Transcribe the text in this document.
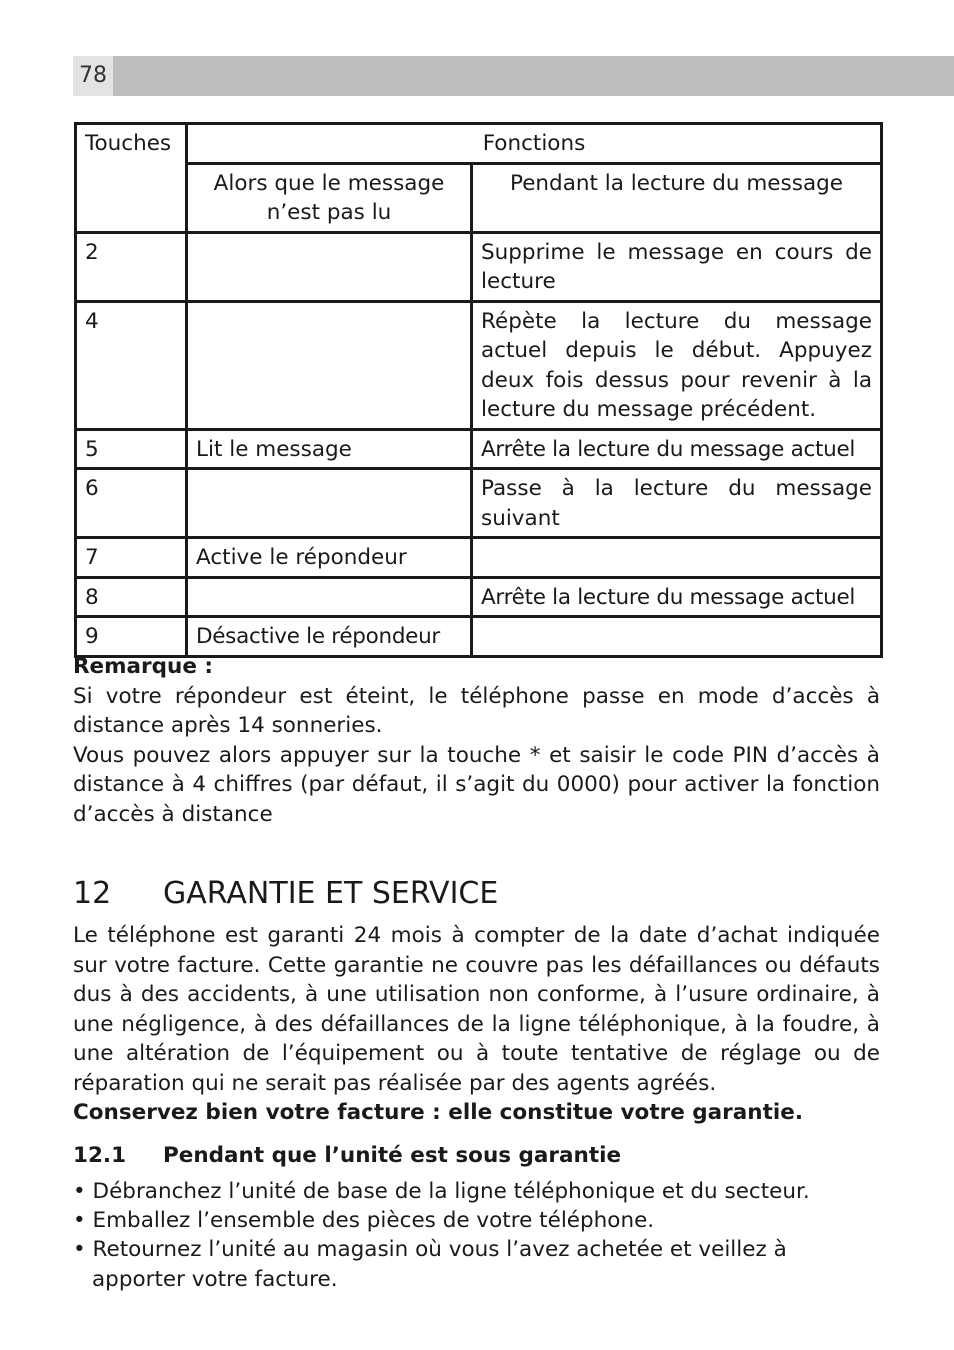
78
Touches	Fonctions	
	Alors que le message n’est pas lu	Pendant la lecture du message
2		Supprime le message en cours de lecture
4		Répète la lecture du message actuel depuis le début. Appuyez deux fois dessus pour revenir à la lecture du message précédent.
5	Lit le message	Arrête la lecture du message actuel
6		Passe à la lecture du message suivant
7	Active le répondeur	
8		Arrête la lecture du message actuel
9	Désactive le répondeur	

Remarque :

Si votre répondeur est éteint, le téléphone passe en mode d’accès à distance après 14 sonneries.

Vous pouvez alors appuyer sur la touche * et saisir le code PIN d’accès à distance à 4 chiffres (par défaut, il s’agit du 0000) pour activer la fonction d’accès à distance

12 GARANTIE ET SERVICE

Le téléphone est garanti 24 mois à compter de la date d’achat indiquée sur votre facture. Cette garantie ne couvre pas les défaillances ou défauts dus à des accidents, à une utilisation non conforme, à l’usure ordinaire, à une négligence, à des défaillances de la ligne téléphonique, à la foudre, à une altération de l’équipement ou à toute tentative de réglage ou de réparation qui ne serait pas réalisée par des agents agréés.

Conservez bien votre facture : elle constitue votre garantie.

12.1 Pendant que l’unité est sous garantie
• Débranchez l’unité de base de la ligne téléphonique et du secteur.
• Emballez l’ensemble des pièces de votre téléphone.
• Retournez l’unité au magasin où vous l’avez achetée et veillez à apporter votre facture.
